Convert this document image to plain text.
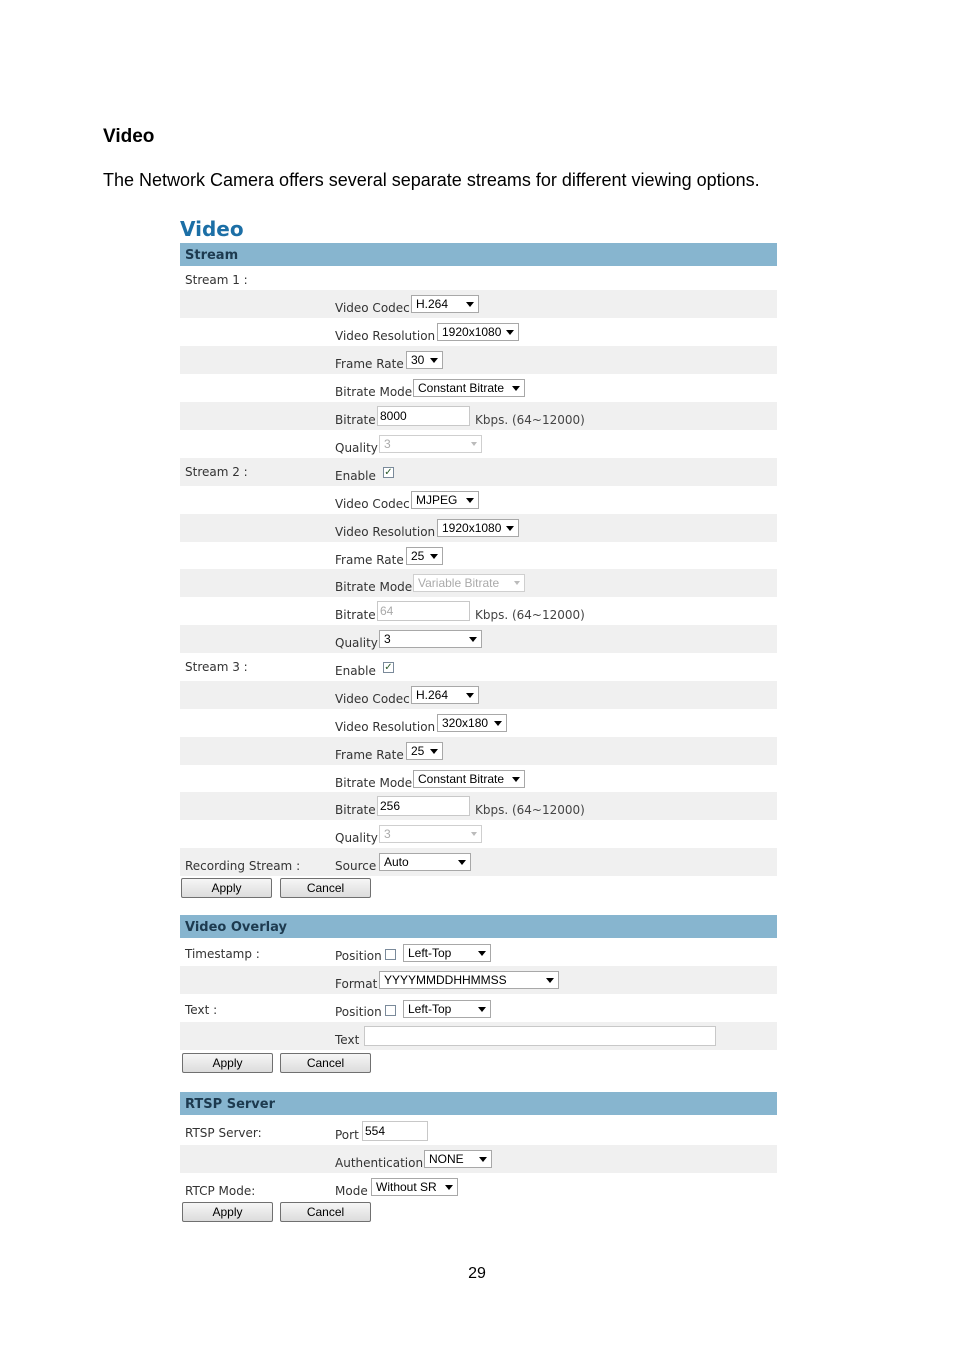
Video
The Network Camera offers several separate streams for different viewing options.
Video
Stream
Stream 1 :
Video Codec H.264
Video Resolution 1920x1080
Frame Rate 30
Bitrate Mode Constant Bitrate
Bitrate 8000	Kbps. (64~12000)
Quality 3
Stream 2 :	Enable ✓
Video Codec MJPEG
Video Resolution 1920x1080
Frame Rate 25
Bitrate Mode Variable Bitrate
Bitrate 64	Kbps. (64~12000)
Quality 3
Stream 3 :	Enable ✓
Video Codec H.264
Video Resolution 320x180
Frame Rate 25
Bitrate Mode Constant Bitrate
Bitrate 256	Kbps. (64~12000)
Quality 3
Recording Stream :	Source Auto
Apply	Cancel
Video Overlay
Timestamp :	Position	Left-Top
Format YYYYMMDDHHMMSS
Text :	Position	Left-Top
Text
Apply	Cancel
RTSP Server
RTSP Server:	Port 554
Authentication NONE
RTCP Mode:	Mode Without SR
Apply	Cancel
29
